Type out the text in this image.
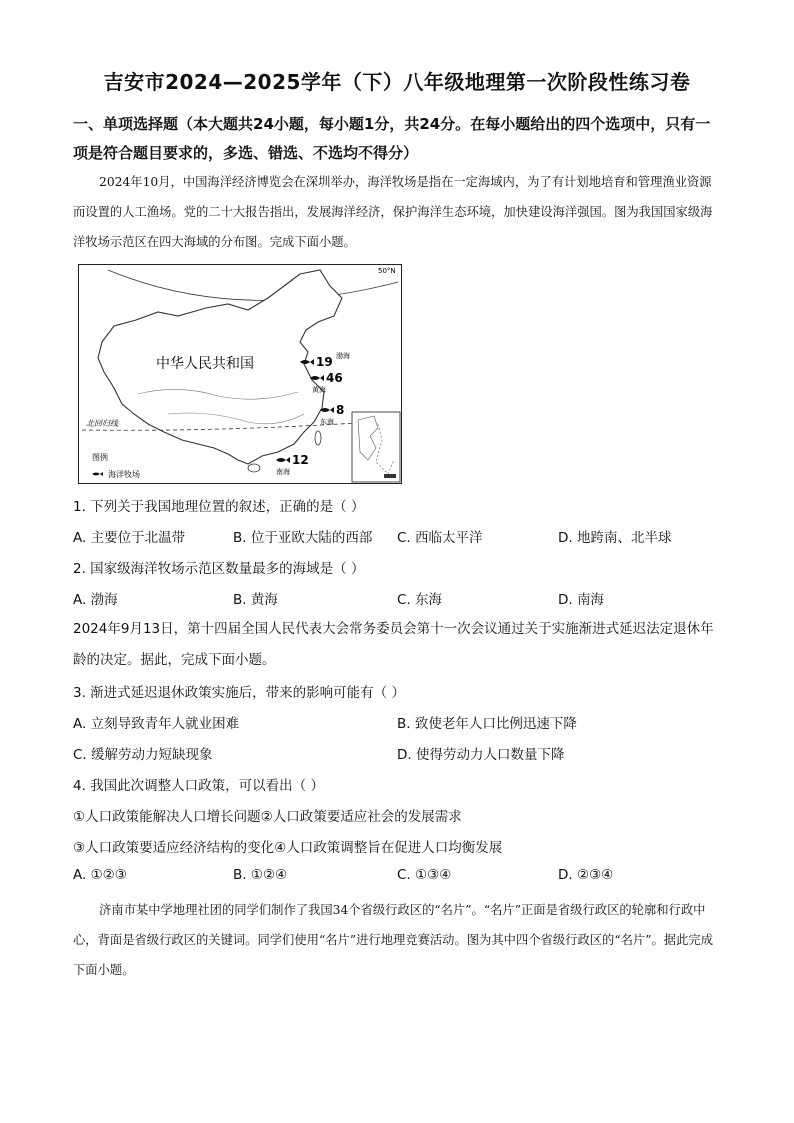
吉安市2024—2025学年（下）八年级地理第一次阶段性练习卷
一、单项选择题（本大题共24小题，每小题1分，共24分。在每小题给出的四个选项中，只有一项是符合题目要求的，多选、错选、不选均不得分）
2024年10月，中国海洋经济博览会在深圳举办，海洋牧场是指在一定海域内，为了有计划地培育和管理渔业资源而设置的人工渔场。党的二十大报告指出，发展海洋经济，保护海洋生态环境，加快建设海洋强国。图为我国国家级海洋牧场示范区在四大海域的分布图。完成下面小题。
50°N
北回归线
中华人民共和国	19 渤海
46
黄海
8
东海
12
南海
图例
海洋牧场
1. 下列关于我国地理位置的叙述，正确的是（ ）
A. 主要位于北温带	B. 位于亚欧大陆的西部 C. 西临太平洋	D. 地跨南、北半球
2. 国家级海洋牧场示范区数量最多的海域是（ ）
A. 渤海	B. 黄海	C. 东海	D. 南海
2024年9月13日，第十四届全国人民代表大会常务委员会第十一次会议通过关于实施渐进式延迟法定退休年龄的决定。据此，完成下面小题。
3. 渐进式延迟退休政策实施后，带来的影响可能有（ ）
A. 立刻导致青年人就业困难	B. 致使老年人口比例迅速下降
C. 缓解劳动力短缺现象	D. 使得劳动力人口数量下降
4. 我国此次调整人口政策，可以看出（ ）
①人口政策能解决人口增长问题②人口政策要适应社会的发展需求
③人口政策要适应经济结构的变化④人口政策调整旨在促进人口均衡发展
A. ①②③	B. ①②④	C. ①③④	D. ②③④
济南市某中学地理社团的同学们制作了我国34个省级行政区的“名片”。“名片”正面是省级行政区的轮廓和行政中心，背面是省级行政区的关键词。同学们使用“名片”进行地理竞赛活动。图为其中四个省级行政区的“名片”。据此完成下面小题。
